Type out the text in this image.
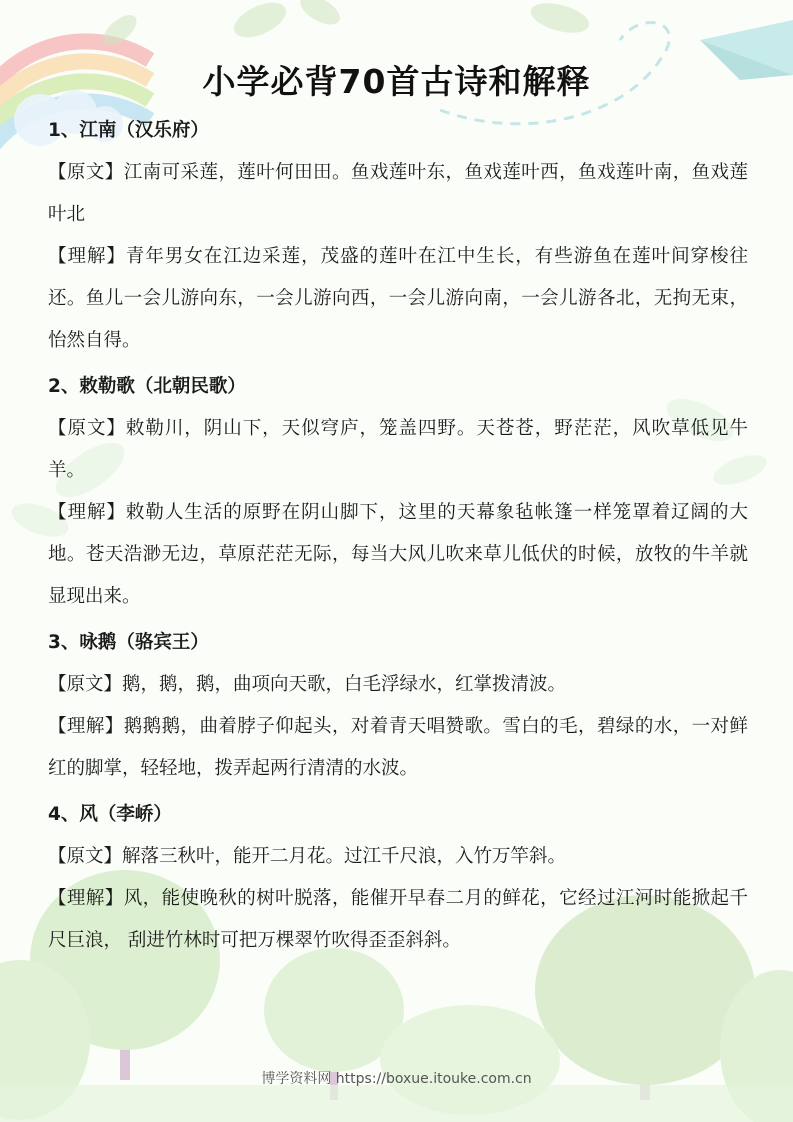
小学必背70首古诗和解释

1、江南（汉乐府）

【原文】江南可采莲，莲叶何田田。鱼戏莲叶东，鱼戏莲叶西，鱼戏莲叶南，鱼戏莲叶北

【理解】青年男女在江边采莲，茂盛的莲叶在江中生长，有些游鱼在莲叶间穿梭往还。鱼儿一会儿游向东，一会儿游向西，一会儿游向南，一会儿游各北，无拘无束，怡然自得。

2、敕勒歌（北朝民歌）

【原文】敕勒川，阴山下，天似穹庐，笼盖四野。天苍苍，野茫茫，风吹草低见牛羊。

【理解】敕勒人生活的原野在阴山脚下，这里的天幕象毡帐篷一样笼罩着辽阔的大地。苍天浩渺无边，草原茫茫无际，每当大风儿吹来草儿低伏的时候，放牧的牛羊就显现出来。

3、咏鹅（骆宾王）

【原文】鹅，鹅，鹅，曲项向天歌，白毛浮绿水，红掌拨清波。

【理解】鹅鹅鹅，曲着脖子仰起头，对着青天唱赞歌。雪白的毛，碧绿的水，一对鲜红的脚掌，轻轻地，拨弄起两行清清的水波。

4、风（李峤）

【原文】解落三秋叶，能开二月花。过江千尺浪，入竹万竿斜。

【理解】风，能使晚秋的树叶脱落，能催开早春二月的鲜花，它经过江河时能掀起千尺巨浪， 刮进竹林时可把万棵翠竹吹得歪歪斜斜。

博学资料网 https://boxue.itouke.com.cn
